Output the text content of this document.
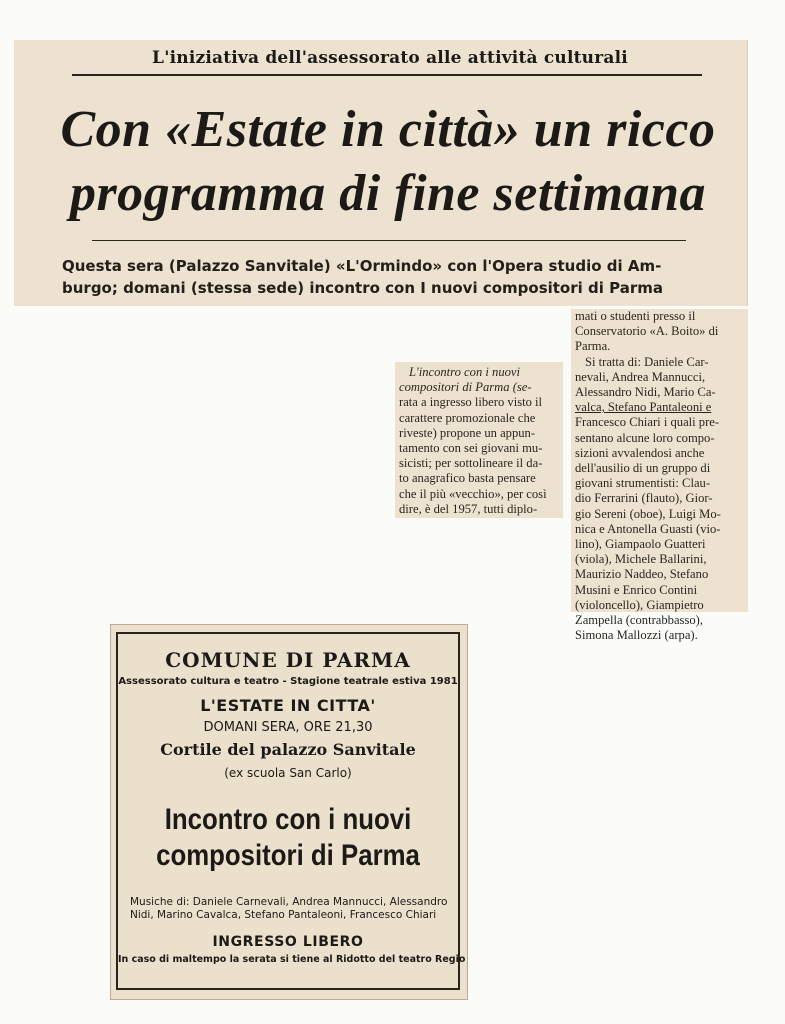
L'iniziativa dell'assessorato alle attività culturali
Con «Estate in città» un ricco
programma di fine settimana
Questa sera (Palazzo Sanvitale) «L'Ormindo» con l'Opera studio di Am-
burgo; domani (stessa sede) incontro con I nuovi compositori di Parma
L'incontro con i nuovi
compositori di Parma (se-
rata a ingresso libero visto il
carattere promozionale che
riveste) propone un appun-
tamento con sei giovani mu-
sicisti; per sottolineare il da-
to anagrafico basta pensare
che il più «vecchio», per così
dire, è del 1957, tutti diplo-
mati o studenti presso il
Conservatorio «A. Boito» di
Parma.
Si tratta di: Daniele Car-
nevali, Andrea Mannucci,
Alessandro Nidi, Mario Ca-
valca, Stefano Pantaleoni e
Francesco Chiari i quali pre-
sentano alcune loro compo-
sizioni avvalendosi anche
dell'ausilio di un gruppo di
giovani strumentisti: Clau-
dio Ferrarini (flauto), Gior-
gio Sereni (oboe), Luigi Mo-
nica e Antonella Guasti (vio-
lino), Giampaolo Guatteri
(viola), Michele Ballarini,
Maurizio Naddeo, Stefano
Musini e Enrico Contini
(violoncello), Giampietro
Zampella (contrabbasso),
Simona Mallozzi (arpa).
COMUNE DI PARMA
Assessorato cultura e teatro - Stagione teatrale estiva 1981
L'ESTATE IN CITTA'
DOMANI SERA, ORE 21,30
Cortile del palazzo Sanvitale
(ex scuola San Carlo)
Incontro con i nuovi
compositori di Parma
Musiche di: Daniele Carnevali, Andrea Mannucci, Alessandro
Nidi, Marino Cavalca, Stefano Pantaleoni, Francesco Chiari
INGRESSO LIBERO
In caso di maltempo la serata si tiene al Ridotto del teatro Regio
